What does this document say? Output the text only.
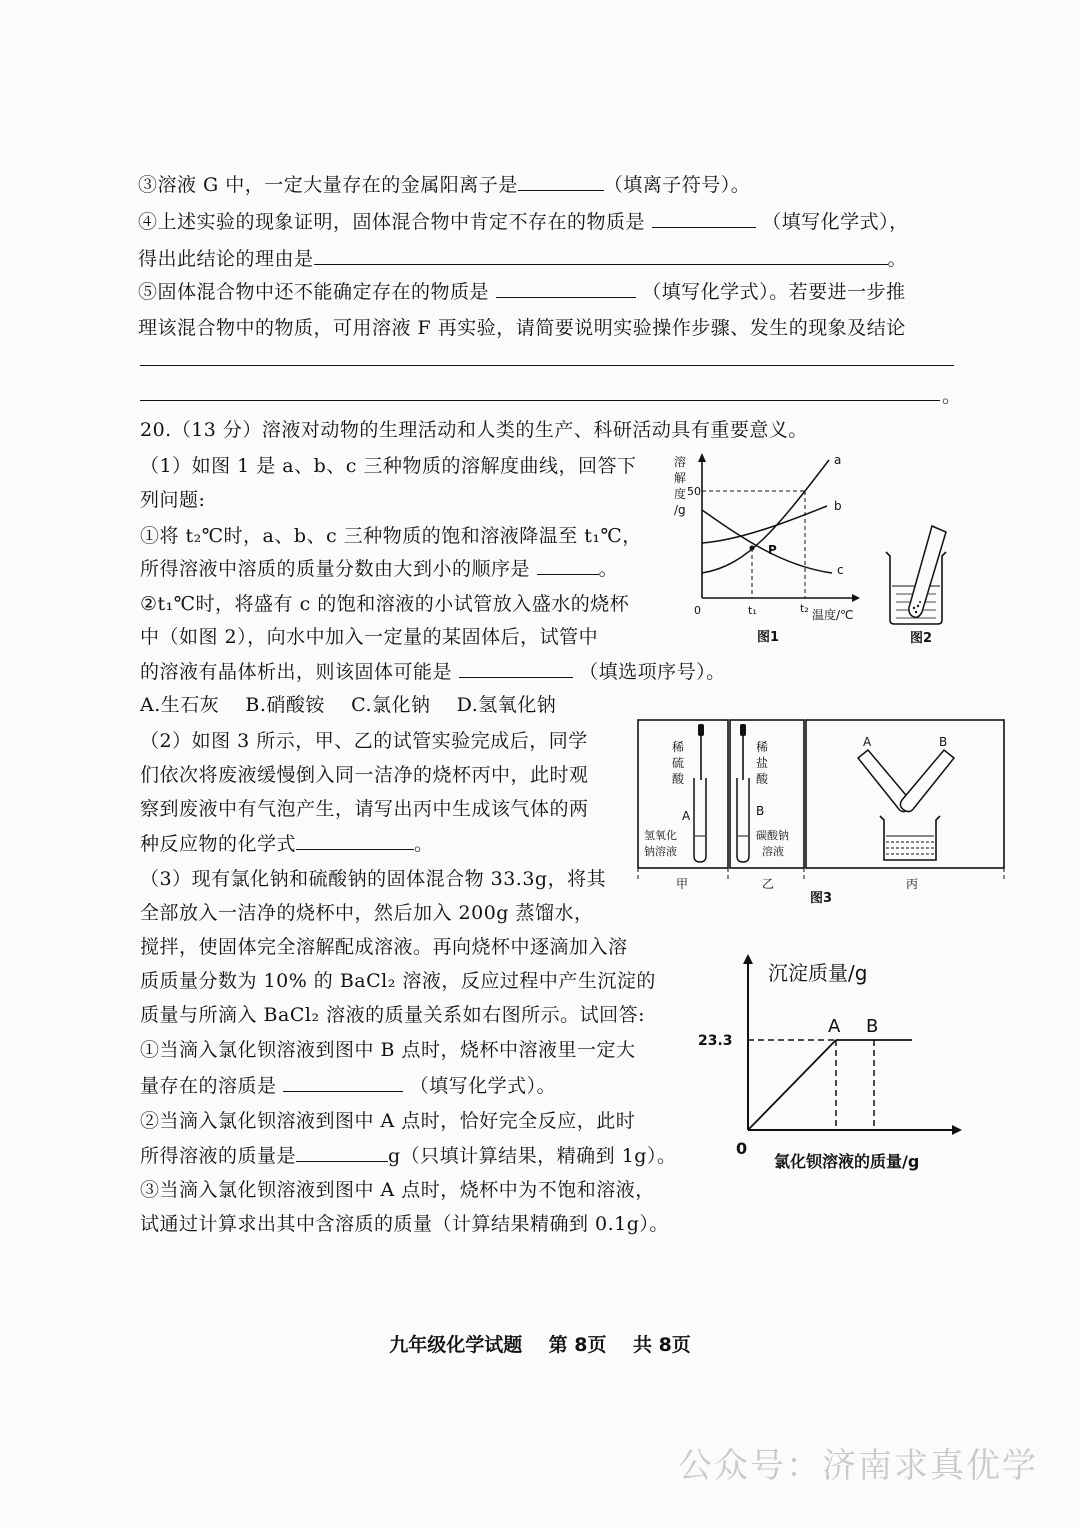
③溶液 G 中，一定大量存在的金属阳离子是	（填离子符号）。
④上述实验的现象证明，固体混合物中肯定不存在的物质是	（填写化学式），
得出此结论的理由是	。
⑤固体混合物中还不能确定存在的物质是	（填写化学式）。若要进一步推
理该混合物中的物质，可用溶液 F 再实验，请简要说明实验操作步骤、发生的现象及结论
。
20.（13 分）溶液对动物的生理活动和人类的生产、科研活动具有重要意义。
（1）如图 1 是 a、b、c 三种物质的溶解度曲线，回答下
列问题:
①将 t₂℃时，a、b、c 三种物质的饱和溶液降温至 t₁℃，
所得溶液中溶质的质量分数由大到小的顺序是	。
②t₁℃时，将盛有 c 的饱和溶液的小试管放入盛水的烧杯
中（如图 2），向水中加入一定量的某固体后，试管中
的溶液有晶体析出，则该固体可能是	（填选项序号）。
A.生石灰    B.硝酸铵    C.氯化钠    D.氢氧化钠
（2）如图 3 所示，甲、乙的试管实验完成后，同学
们依次将废液缓慢倒入同一洁净的烧杯丙中，此时观
察到废液中有气泡产生，请写出丙中生成该气体的两
种反应物的化学式	。
（3）现有氯化钠和硫酸钠的固体混合物 33.3g，将其
全部放入一洁净的烧杯中，然后加入 200g 蒸馏水，
搅拌，使固体完全溶解配成溶液。再向烧杯中逐滴加入溶
质质量分数为 10% 的 BaCl₂ 溶液，反应过程中产生沉淀的
质量与所滴入 BaCl₂ 溶液的质量关系如右图所示。试回答:
①当滴入氯化钡溶液到图中 B 点时，烧杯中溶液里一定大
量存在的溶质是	（填写化学式）。
②当滴入氯化钡溶液到图中 A 点时，恰好完全反应，此时
所得溶液的质量是	g（只填计算结果，精确到 1g）。
③当滴入氯化钡溶液到图中 A 点时，烧杯中为不饱和溶液，
试通过计算求出其中含溶质的质量（计算结果精确到 0.1g）。
溶
解
度
/g
50
a
b
c
P
0	t₁	t₂ 温度/℃
图1	图2
稀
硫
酸
A
氢氧化
钠溶液
稀
盐
酸
B
碳酸钠
溶液
A	B
甲	乙	丙
图3
沉淀质量/g
氯化钡溶液的质量/g
0
23.3
A B
九年级化学试题    第 8页    共 8页
公众号：济南求真优学
